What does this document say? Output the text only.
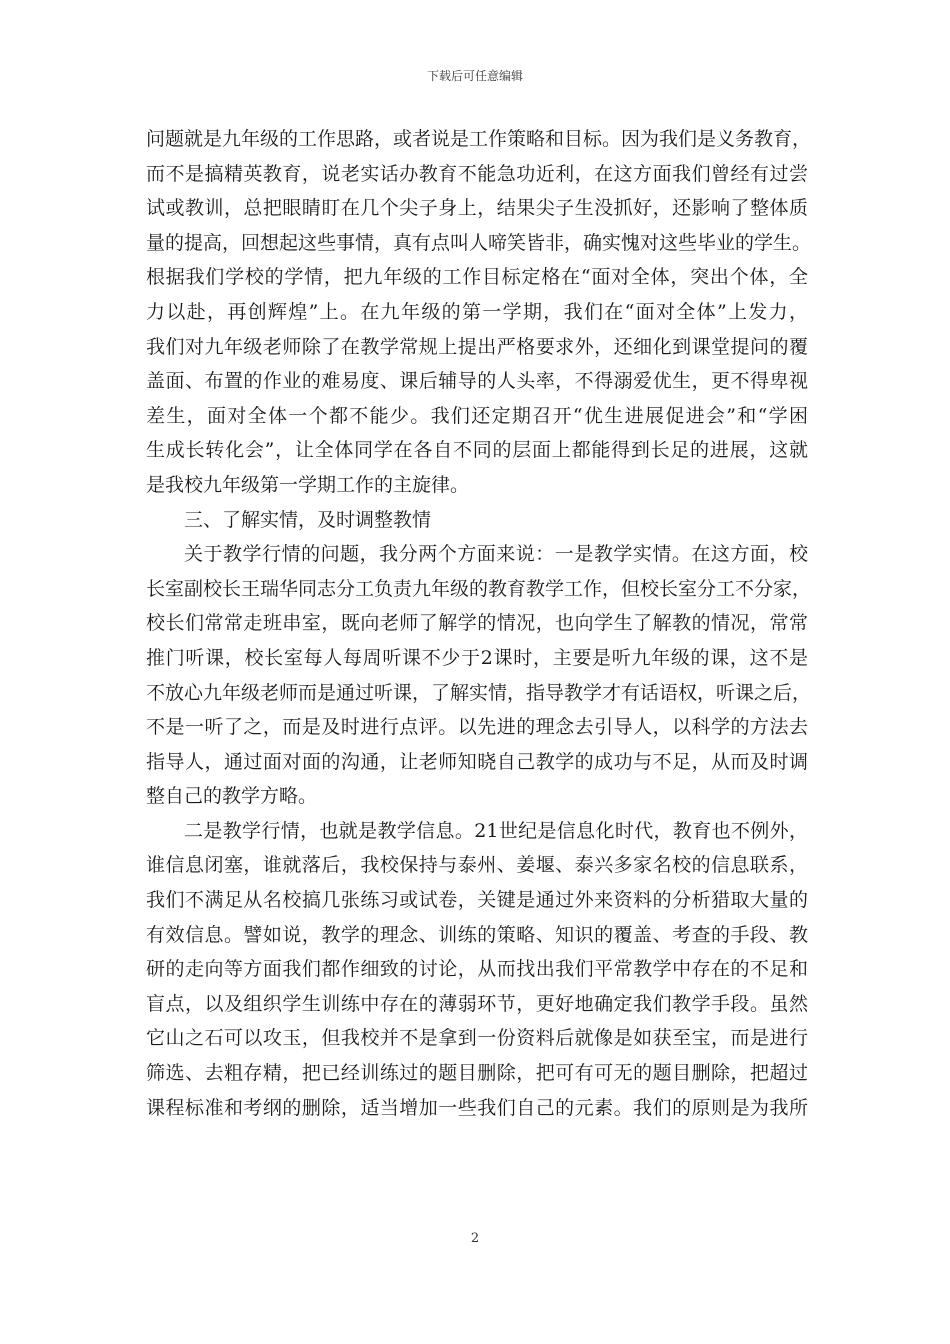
下载后可任意编辑
问题就是九年级的工作思路，或者说是工作策略和目标。因为我们是义务教育，
而不是搞精英教育，说老实话办教育不能急功近利，在这方面我们曾经有过尝
试或教训，总把眼睛盯在几个尖子身上，结果尖子生没抓好，还影响了整体质
量的提高，回想起这些事情，真有点叫人啼笑皆非，确实愧对这些毕业的学生。
根据我们学校的学情，把九年级的工作目标定格在“面对全体，突出个体，全
力以赴，再创辉煌”上。在九年级的第一学期，我们在“面对全体”上发力，
我们对九年级老师除了在教学常规上提出严格要求外，还细化到课堂提问的覆
盖面、布置的作业的难易度、课后辅导的人头率，不得溺爱优生，更不得卑视
差生，面对全体一个都不能少。我们还定期召开“优生进展促进会”和“学困
生成长转化会”，让全体同学在各自不同的层面上都能得到长足的进展，这就
是我校九年级第一学期工作的主旋律。
三、了解实情，及时调整教情
关于教学行情的问题，我分两个方面来说：一是教学实情。在这方面，校
长室副校长王瑞华同志分工负责九年级的教育教学工作，但校长室分工不分家，
校长们常常走班串室，既向老师了解学的情况，也向学生了解教的情况，常常
推门听课，校长室每人每周听课不少于2课时，主要是听九年级的课，这不是
不放心九年级老师而是通过听课，了解实情，指导教学才有话语权，听课之后，
不是一听了之，而是及时进行点评。以先进的理念去引导人，以科学的方法去
指导人，通过面对面的沟通，让老师知晓自己教学的成功与不足，从而及时调
整自己的教学方略。
二是教学行情，也就是教学信息。21世纪是信息化时代，教育也不例外，
谁信息闭塞，谁就落后，我校保持与泰州、姜堰、泰兴多家名校的信息联系，
我们不满足从名校搞几张练习或试卷，关键是通过外来资料的分析猎取大量的
有效信息。譬如说，教学的理念、训练的策略、知识的覆盖、考查的手段、教
研的走向等方面我们都作细致的讨论，从而找出我们平常教学中存在的不足和
盲点，以及组织学生训练中存在的薄弱环节，更好地确定我们教学手段。虽然
它山之石可以攻玉，但我校并不是拿到一份资料后就像是如获至宝，而是进行
筛选、去粗存精，把已经训练过的题目删除，把可有可无的题目删除，把超过
课程标准和考纲的删除，适当增加一些我们自己的元素。我们的原则是为我所
2
